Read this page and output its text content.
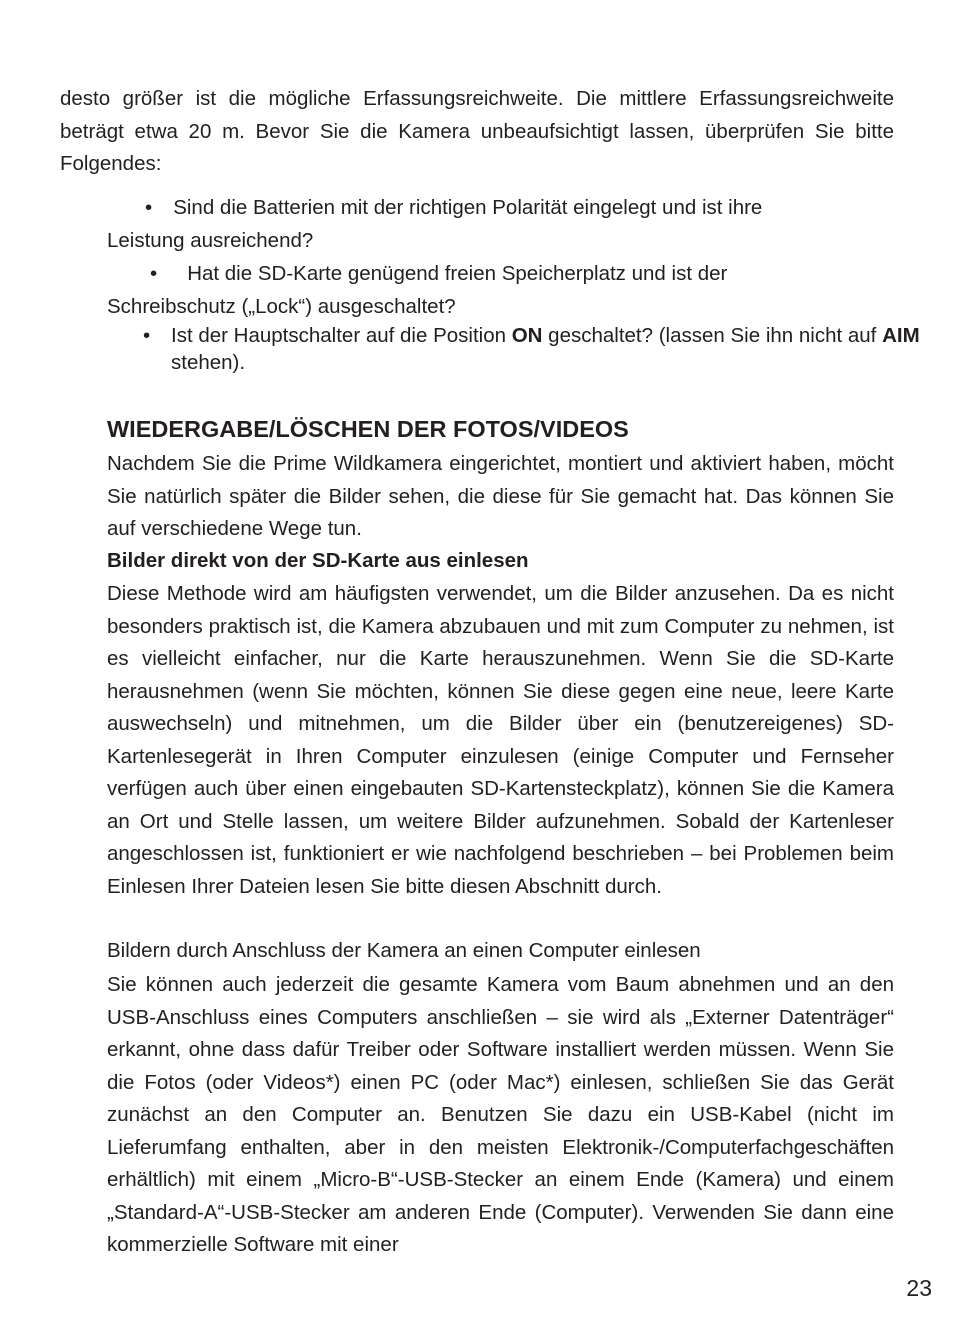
desto größer ist die mögliche Erfassungsreichweite. Die mittlere Erfassungsreichweite beträgt etwa 20 m. Bevor Sie die Kamera unbeaufsichtigt lassen, überprüfen Sie bitte Folgendes:

• Sind die Batterien mit der richtigen Polarität eingelegt und ist ihre
Leistung ausreichend?
• Hat die SD-Karte genügend freien Speicherplatz und ist der
Schreibschutz („Lock“) ausgeschaltet?
• Ist der Hauptschalter auf die Position ON geschaltet? (lassen Sie ihn nicht auf AIM stehen).
WIEDERGABE/LÖSCHEN DER FOTOS/VIDEOS

Nachdem Sie die Prime Wildkamera eingerichtet, montiert und aktiviert haben, möcht Sie natürlich später die Bilder sehen, die diese für Sie gemacht hat. Das können Sie auf verschiedene Wege tun.

Bilder direkt von der SD-Karte aus einlesen

Diese Methode wird am häufigsten verwendet, um die Bilder anzusehen. Da es nicht besonders praktisch ist, die Kamera abzubauen und mit zum Computer zu nehmen, ist es vielleicht einfacher, nur die Karte herauszunehmen. Wenn Sie die SD-Karte herausnehmen (wenn Sie möchten, können Sie diese gegen eine neue, leere Karte auswechseln) und mitnehmen, um die Bilder über ein (benutzereigenes) SD-Kartenlesegerät in Ihren Computer einzulesen (einige Computer und Fernseher verfügen auch über einen eingebauten SD-Kartensteckplatz), können Sie die Kamera an Ort und Stelle lassen, um weitere Bilder aufzunehmen. Sobald der Kartenleser angeschlossen ist, funktioniert er wie nachfolgend beschrieben – bei Problemen beim Einlesen Ihrer Dateien lesen Sie bitte diesen Abschnitt durch.

Bildern durch Anschluss der Kamera an einen Computer einlesen

Sie können auch jederzeit die gesamte Kamera vom Baum abnehmen und an den USB-Anschluss eines Computers anschließen – sie wird als „Externer Datenträger“ erkannt, ohne dass dafür Treiber oder Software installiert werden müssen. Wenn Sie die Fotos (oder Videos*) einen PC (oder Mac*) einlesen, schließen Sie das Gerät zunächst an den Computer an. Benutzen Sie dazu ein USB-Kabel (nicht im Lieferumfang enthalten, aber in den meisten Elektronik-/Computerfachgeschäften erhältlich) mit einem „Micro-B“-USB-Stecker an einem Ende (Kamera) und einem „Standard-A“-USB-Stecker am anderen Ende (Computer). Verwenden Sie dann eine kommerzielle Software mit einer

23
